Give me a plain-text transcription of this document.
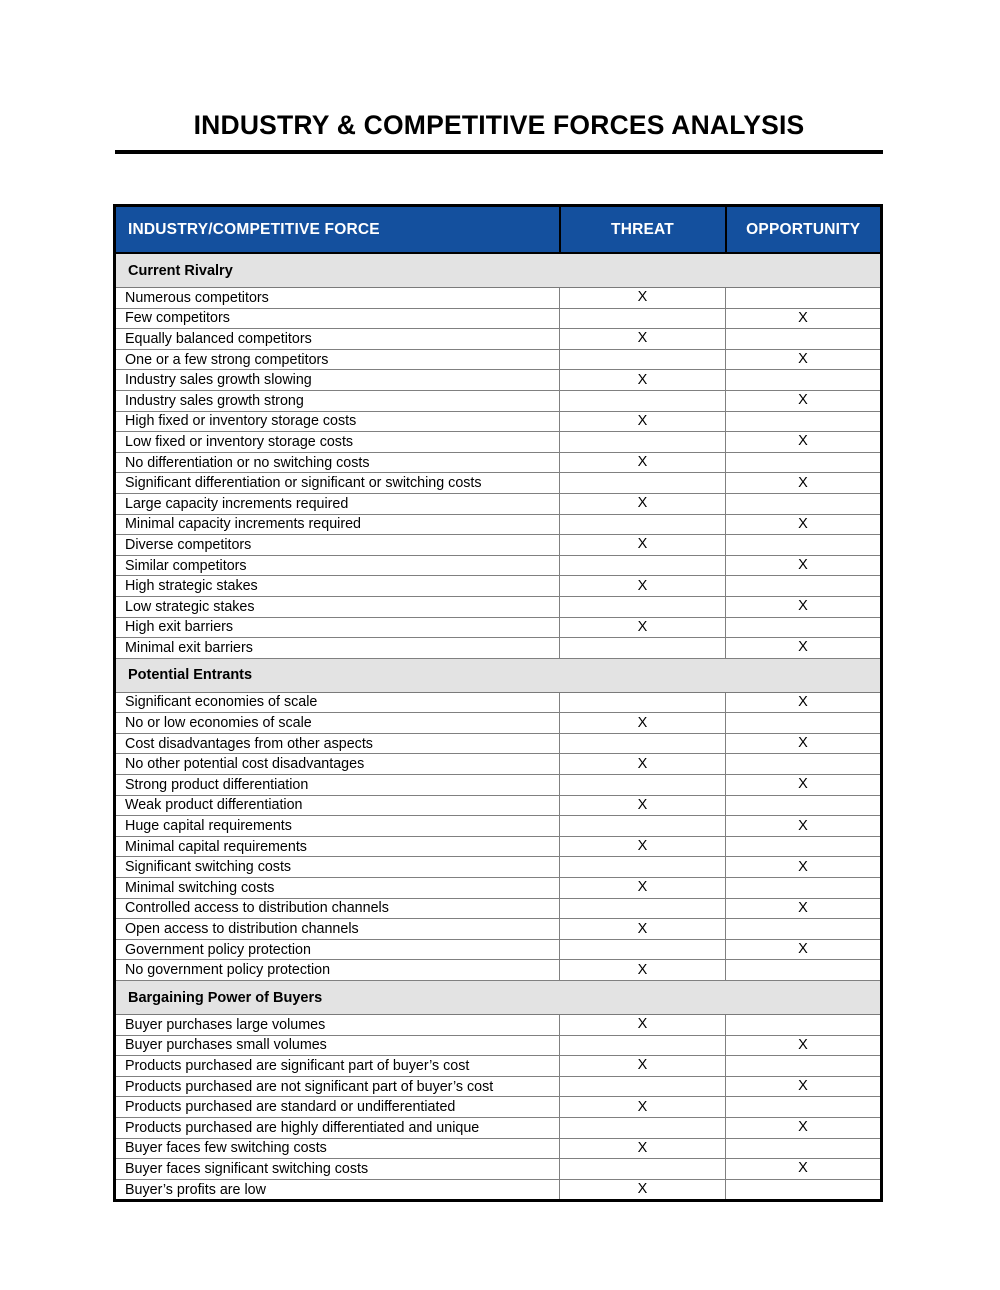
INDUSTRY & COMPETITIVE FORCES ANALYSIS
INDUSTRY/COMPETITIVE FORCE	THREAT	OPPORTUNITY
Current Rivalry		
Numerous competitors	X	
Few competitors		X
Equally balanced competitors	X	
One or a few strong competitors		X
Industry sales growth slowing	X	
Industry sales growth strong		X
High fixed or inventory storage costs	X	
Low fixed or inventory storage costs		X
No differentiation or no switching costs	X	
Significant differentiation or significant or switching costs		X
Large capacity increments required	X	
Minimal capacity increments required		X
Diverse competitors	X	
Similar competitors		X
High strategic stakes	X	
Low strategic stakes		X
High exit barriers	X	
Minimal exit barriers		X
Potential Entrants		
Significant economies of scale		X
No or low economies of scale	X	
Cost disadvantages from other aspects		X
No other potential cost disadvantages	X	
Strong product differentiation		X
Weak product differentiation	X	
Huge capital requirements		X
Minimal capital requirements	X	
Significant switching costs		X
Minimal switching costs	X	
Controlled access to distribution channels		X
Open access to distribution channels	X	
Government policy protection		X
No government policy protection	X	
Bargaining Power of Buyers		
Buyer purchases large volumes	X	
Buyer purchases small volumes		X
Products purchased are significant part of buyer’s cost	X	
Products purchased are not significant part of buyer’s cost		X
Products purchased are standard or undifferentiated	X	
Products purchased are highly differentiated and unique		X
Buyer faces few switching costs	X	
Buyer faces significant switching costs		X
Buyer’s profits are low	X	
